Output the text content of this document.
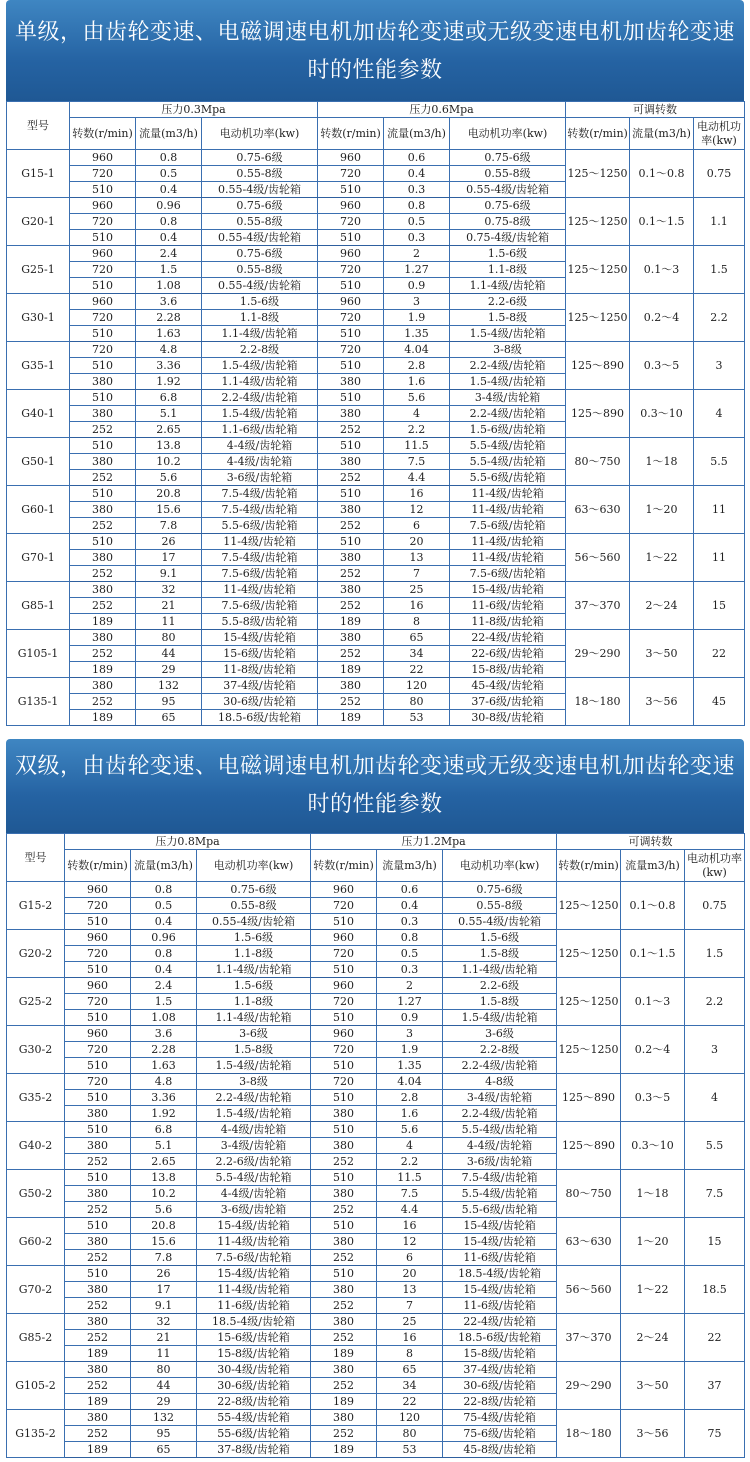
单级，由齿轮变速、电磁调速电机加齿轮变速或无级变速电机加齿轮变速时的性能参数
型号	压力0.3Mpa			压力0.6Mpa			可调转数		
	转数(r/min)	流量(m3/h)	电动机功率(kw)	转数(r/min)	流量(m3/h)	电动机功率(kw)	转数(r/min)	流量(m3/h)	电动机功率(kw)
G15-1	960	0.8	0.75-6级	960	0.6	0.75-6级	125～1250	0.1～0.8	0.75
	720	0.5	0.55-8级	720	0.4	0.55-8级			
	510	0.4	0.55-4级/齿轮箱	510	0.3	0.55-4级/齿轮箱			
G20-1	960	0.96	0.75-6级	960	0.8	0.75-6级	125～1250	0.1～1.5	1.1
	720	0.8	0.55-8级	720	0.5	0.75-8级			
	510	0.4	0.55-4级/齿轮箱	510	0.3	0.75-4级/齿轮箱			
G25-1	960	2.4	0.75-6级	960	2	1.5-6级	125～1250	0.1～3	1.5
	720	1.5	0.55-8级	720	1.27	1.1-8级			
	510	1.08	0.55-4级/齿轮箱	510	0.9	1.1-4级/齿轮箱			
G30-1	960	3.6	1.5-6级	960	3	2.2-6级	125～1250	0.2～4	2.2
	720	2.28	1.1-8级	720	1.9	1.5-8级			
	510	1.63	1.1-4级/齿轮箱	510	1.35	1.5-4级/齿轮箱			
G35-1	720	4.8	2.2-8级	720	4.04	3-8级	125～890	0.3～5	3
	510	3.36	1.5-4级/齿轮箱	510	2.8	2.2-4级/齿轮箱			
	380	1.92	1.1-4级/齿轮箱	380	1.6	1.5-4级/齿轮箱			
G40-1	510	6.8	2.2-4级/齿轮箱	510	5.6	3-4级/齿轮箱	125～890	0.3～10	4
	380	5.1	1.5-4级/齿轮箱	380	4	2.2-4级/齿轮箱			
	252	2.65	1.1-6级/齿轮箱	252	2.2	1.5-6级/齿轮箱			
G50-1	510	13.8	4-4级/齿轮箱	510	11.5	5.5-4级/齿轮箱	80～750	1～18	5.5
	380	10.2	4-4级/齿轮箱	380	7.5	5.5-4级/齿轮箱			
	252	5.6	3-6级/齿轮箱	252	4.4	5.5-6级/齿轮箱			
G60-1	510	20.8	7.5-4级/齿轮箱	510	16	11-4级/齿轮箱	63～630	1～20	11
	380	15.6	7.5-4级/齿轮箱	380	12	11-4级/齿轮箱			
	252	7.8	5.5-6级/齿轮箱	252	6	7.5-6级/齿轮箱			
G70-1	510	26	11-4级/齿轮箱	510	20	11-4级/齿轮箱	56～560	1～22	11
	380	17	7.5-4级/齿轮箱	380	13	11-4级/齿轮箱			
	252	9.1	7.5-6级/齿轮箱	252	7	7.5-6级/齿轮箱			
G85-1	380	32	11-4级/齿轮箱	380	25	15-4级/齿轮箱	37～370	2～24	15
	252	21	7.5-6级/齿轮箱	252	16	11-6级/齿轮箱			
	189	11	5.5-8级/齿轮箱	189	8	11-8级/齿轮箱			
G105-1	380	80	15-4级/齿轮箱	380	65	22-4级/齿轮箱	29～290	3～50	22
	252	44	15-6级/齿轮箱	252	34	22-6级/齿轮箱			
	189	29	11-8级/齿轮箱	189	22	15-8级/齿轮箱			
G135-1	380	132	37-4级/齿轮箱	380	120	45-4级/齿轮箱	18～180	3～56	45
	252	95	30-6级/齿轮箱	252	80	37-6级/齿轮箱			
	189	65	18.5-6级/齿轮箱	189	53	30-8级/齿轮箱			
双级，由齿轮变速、电磁调速电机加齿轮变速或无级变速电机加齿轮变速时的性能参数
型号	压力0.8Mpa			压力1.2Mpa			可调转数		
	转数(r/min)	流量(m3/h)	电动机功率(kw)	转数(r/min)	流量m3/h)	电动机功率(kw)	转数(r/min)	流量m3/h)	电动机功率(kw)
G15-2	960	0.8	0.75-6级	960	0.6	0.75-6级	125～1250	0.1～0.8	0.75
	720	0.5	0.55-8级	720	0.4	0.55-8级			
	510	0.4	0.55-4级/齿轮箱	510	0.3	0.55-4级/齿轮箱			
G20-2	960	0.96	1.5-6级	960	0.8	1.5-6级	125～1250	0.1～1.5	1.5
	720	0.8	1.1-8级	720	0.5	1.5-8级			
	510	0.4	1.1-4级/齿轮箱	510	0.3	1.1-4级/齿轮箱			
G25-2	960	2.4	1.5-6级	960	2	2.2-6级	125～1250	0.1～3	2.2
	720	1.5	1.1-8级	720	1.27	1.5-8级			
	510	1.08	1.1-4级/齿轮箱	510	0.9	1.5-4级/齿轮箱			
G30-2	960	3.6	3-6级	960	3	3-6级	125～1250	0.2～4	3
	720	2.28	1.5-8级	720	1.9	2.2-8级			
	510	1.63	1.5-4级/齿轮箱	510	1.35	2.2-4级/齿轮箱			
G35-2	720	4.8	3-8级	720	4.04	4-8级	125～890	0.3～5	4
	510	3.36	2.2-4级/齿轮箱	510	2.8	3-4级/齿轮箱			
	380	1.92	1.5-4级/齿轮箱	380	1.6	2.2-4级/齿轮箱			
G40-2	510	6.8	4-4级/齿轮箱	510	5.6	5.5-4级/齿轮箱	125～890	0.3～10	5.5
	380	5.1	3-4级/齿轮箱	380	4	4-4级/齿轮箱			
	252	2.65	2.2-6级/齿轮箱	252	2.2	3-6级/齿轮箱			
G50-2	510	13.8	5.5-4级/齿轮箱	510	11.5	7.5-4级/齿轮箱	80～750	1～18	7.5
	380	10.2	4-4级/齿轮箱	380	7.5	5.5-4级/齿轮箱			
	252	5.6	3-6级/齿轮箱	252	4.4	5.5-6级/齿轮箱			
G60-2	510	20.8	15-4级/齿轮箱	510	16	15-4级/齿轮箱	63～630	1～20	15
	380	15.6	11-4级/齿轮箱	380	12	15-4级/齿轮箱			
	252	7.8	7.5-6级/齿轮箱	252	6	11-6级/齿轮箱			
G70-2	510	26	15-4级/齿轮箱	510	20	18.5-4级/齿轮箱	56～560	1～22	18.5
	380	17	11-4级/齿轮箱	380	13	15-4级/齿轮箱			
	252	9.1	11-6级/齿轮箱	252	7	11-6级/齿轮箱			
G85-2	380	32	18.5-4级/齿轮箱	380	25	22-4级/齿轮箱	37～370	2～24	22
	252	21	15-6级/齿轮箱	252	16	18.5-6级/齿轮箱			
	189	11	15-8级/齿轮箱	189	8	15-8级/齿轮箱			
G105-2	380	80	30-4级/齿轮箱	380	65	37-4级/齿轮箱	29～290	3～50	37
	252	44	30-6级/齿轮箱	252	34	30-6级/齿轮箱			
	189	29	22-8级/齿轮箱	189	22	22-8级/齿轮箱			
G135-2	380	132	55-4级/齿轮箱	380	120	75-4级/齿轮箱	18～180	3～56	75
	252	95	55-6级/齿轮箱	252	80	75-6级/齿轮箱			
	189	65	37-8级/齿轮箱	189	53	45-8级/齿轮箱			
